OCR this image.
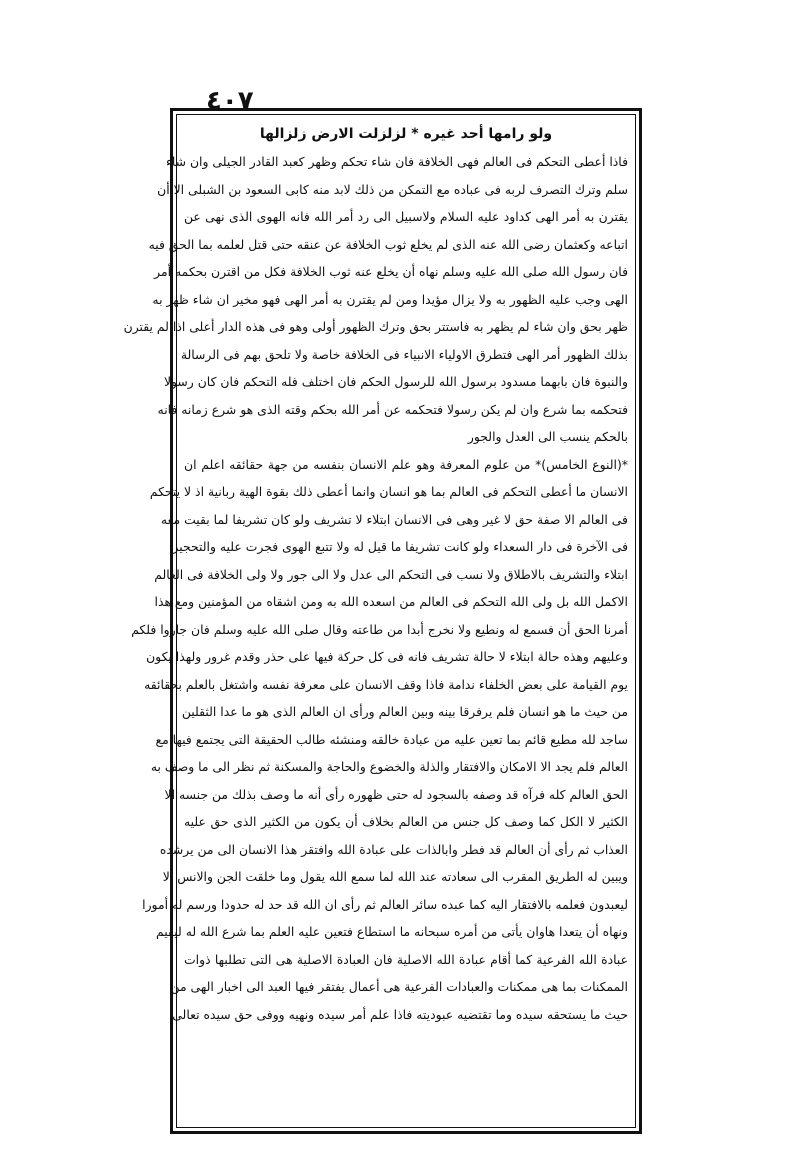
٤٠٧
ولو رامها أحد غيره * لزلزلت الارض زلزالها
فاذا أعطى التحكم فى العالم فهى الخلافة فان شاء تحكم وظهر كعبد القادر الجيلى وان شاء
سلم وترك التصرف لربه فى عباده مع التمكن من ذلك لابد منه كابى السعود بن الشبلى الا أن
يقترن به أمر الهى كداود عليه السلام ولاسبيل الى رد أمر الله فانه الهوى الذى نهى عن
اتباعه وكعثمان رضى الله عنه الذى لم يخلع ثوب الخلافة عن عنقه حتى قتل لعلمه بما الحق فيه
فان رسول الله صلى الله عليه وسلم نهاه أن يخلع عنه ثوب الخلافة فكل من اقترن بحكمه أمر
الهى وجب عليه الظهور به ولا يزال مؤيدا ومن لم يقترن به أمر الهى فهو مخير ان شاء ظهر به
ظهر بحق وان شاء لم يظهر به فاستتر بحق وترك الظهور أولى وهو فى هذه الدار أعلى اذا لم يقترن
بذلك الظهور أمر الهى فتطرق الاولياء الانبياء فى الخلافة خاصة ولا تلحق بهم فى الرسالة
والنبوة فان بابهما مسدود برسول الله للرسول الحكم فان اختلف فله التحكم فان كان رسولا
فتحكمه بما شرع وان لم يكن رسولا فتحكمه عن أمر الله بحكم وقته الذى هو شرع زمانه فانه
بالحكم ينسب الى العدل والجور
*(النوع الخامس)* من علوم المعرفة وهو علم الانسان بنفسه من جهة حقائقه اعلم ان
الانسان ما أعطى التحكم فى العالم بما هو انسان وانما أعطى ذلك بقوة الهية ربانية اذ لا يتحكم
فى العالم الا صفة حق لا غير وهى فى الانسان ابتلاء لا تشريف ولو كان تشريفا لما بقيت معه
فى الآخرة فى دار السعداء ولو كانت تشريفا ما قيل له ولا تتبع الهوى فجرت عليه والتحجير
ابتلاء والتشريف بالاطلاق ولا نسب فى التحكم الى عدل ولا الى جور ولا ولى الخلافة فى العالم
الاكمل الله بل ولى الله التحكم فى العالم من اسعده الله به ومن اشقاه من المؤمنين ومع هذا
أمرنا الحق أن فسمع له ونطيع ولا نخرج أبدا من طاعته وقال صلى الله عليه وسلم فان جاروا فلكم
وعليهم وهذه حالة ابتلاء لا حالة تشريف فانه فى كل حركة فيها على حذر وقدم غرور ولهذا يكون
يوم القيامة على بعض الخلفاء ندامة فاذا وقف الانسان على معرفة نفسه واشتغل بالعلم بحقائقه
من حيث ما هو انسان فلم يرفرقا بينه وبين العالم ورأى ان العالم الذى هو ما عدا الثقلين
ساجد لله مطيع قائم بما تعين عليه من عبادة خالقه ومنشئه طالب الحقيقة التى يجتمع فيها مع
العالم فلم يجد الا الامكان والافتقار والذلة والخضوع والحاجة والمسكنة ثم نظر الى ما وصف به
الحق العالم كله فرآه قد وصفه بالسجود له حتى ظهوره رأى أنه ما وصف بذلك من جنسه الا
الكثير لا الكل كما وصف كل جنس من العالم بخلاف أن يكون من الكثير الذى حق عليه
العذاب ثم رأى أن العالم قد فطر وابالذات على عبادة الله وافتقر هذا الانسان الى من يرشده
ويبين له الطريق المقرب الى سعادته عند الله لما سمع الله يقول وما خلقت الجن والانس الا
ليعبدون فعلمه بالافتقار اليه كما عبده سائر العالم ثم رأى ان الله قد حد له حدودا ورسم له أمورا
ونهاه أن يتعدا هاوان يأتى من أمره سبحانه ما استطاع فتعين عليه العلم بما شرع الله له ليقيم
عبادة الله الفرعية كما أقام عبادة الله الاصلية فان العبادة الاصلية هى التى تطلبها ذوات
الممكنات بما هى ممكنات والعبادات الفرعية هى أعمال يفتقر فيها العبد الى اخبار الهى من
حيث ما يستحقه سيده وما تقتضيه عبوديته فاذا علم أمر سيده ونهيه ووفى حق سيده تعالى
